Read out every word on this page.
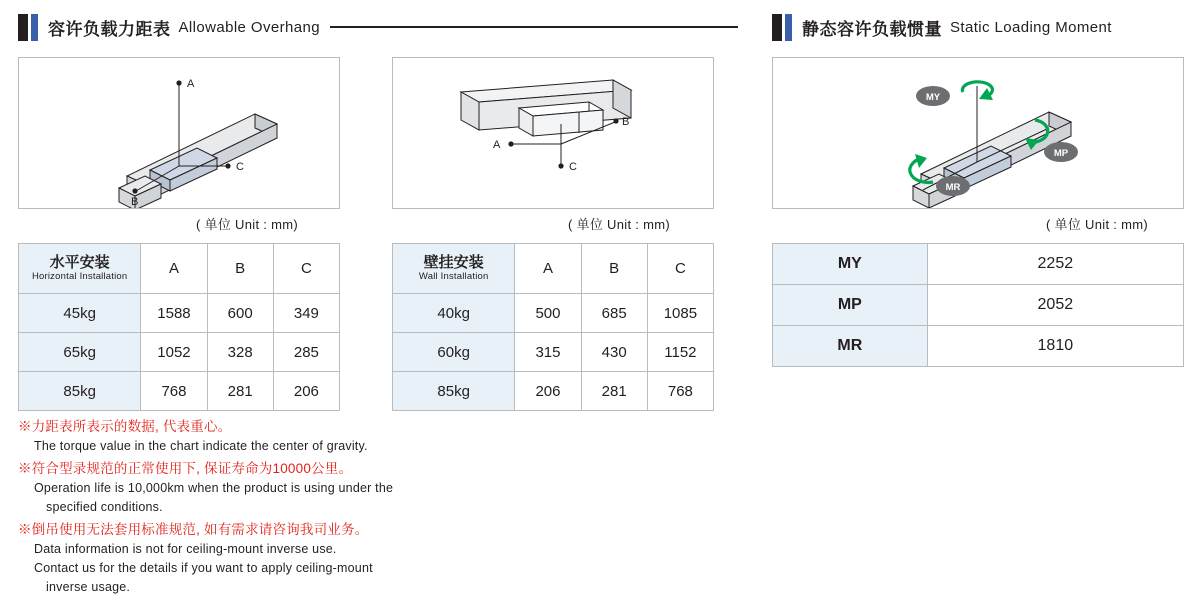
容许负载力距表 Allowable Overhang	静态容许负载惯量 Static Loading Moment
A
C
B
( 单位 Unit : mm)
C
A
B
( 单位 Unit : mm)
MY
MP
MR
( 单位 Unit : mm)
水平安装
Horizontal Installation	A	B	C
45kg	1588	600	349
65kg	1052	328	285
85kg	768	281	206
壁挂安装
Wall Installation	A	B	C
40kg	500	685	1085
60kg	315	430	1152
85kg	206	281	768
MY	2252
MP	2052
MR	1810
※力距表所表示的数据, 代表重心。
The torque value in the chart indicate the center of gravity.
※符合型录规范的正常使用下, 保证寿命为10000公里。
Operation life is 10,000km when the product is using under the
specified conditions.
※倒吊使用无法套用标准规范, 如有需求请咨询我司业务。
Data information is not for ceiling-mount inverse use.
Contact us for the details if you want to apply ceiling-mount
inverse usage.
